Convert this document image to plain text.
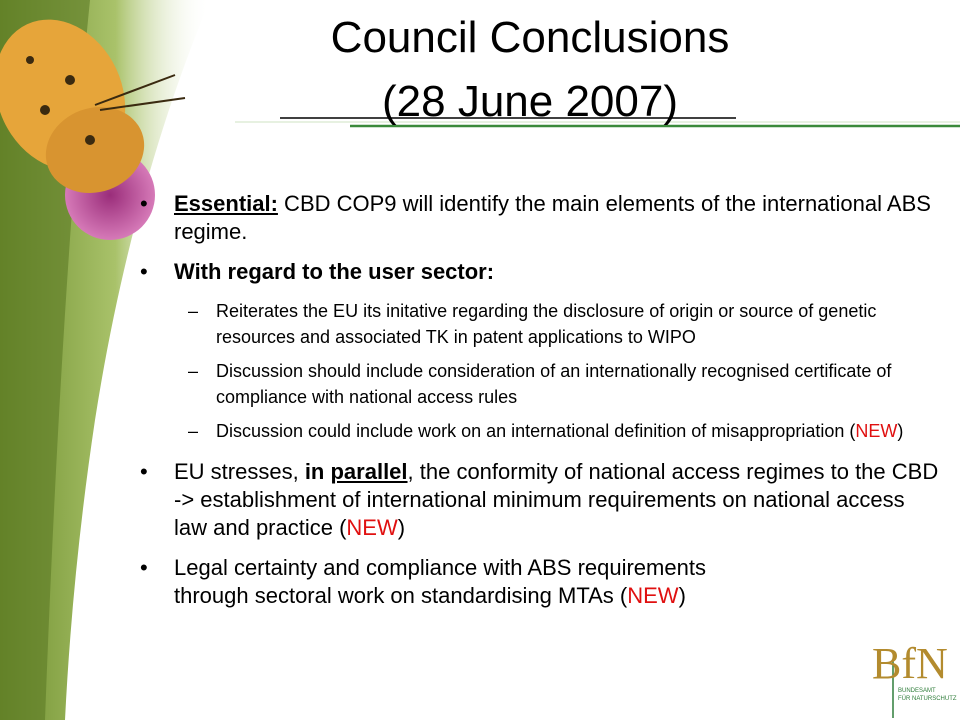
Council Conclusions
(28 June 2007)
• Essential: CBD COP9 will identify the main elements of the international ABS regime.
• With regard to the user sector:
– Reiterates the EU its initative regarding the disclosure of origin or source of genetic resources and associated TK in patent applications to WIPO
– Discussion should include consideration of an internationally recognised certificate of compliance with national access rules
– Discussion could include work on an international definition of misappropriation (NEW)
• EU stresses, in parallel, the conformity of national access regimes to the CBD -> establishment of international minimum requirements on national access law and practice (NEW)
• Legal certainty and compliance with ABS requirements
through sectoral work on standardising MTAs (NEW)
BfN
BUNDESAMT
FÜR NATURSCHUTZ
